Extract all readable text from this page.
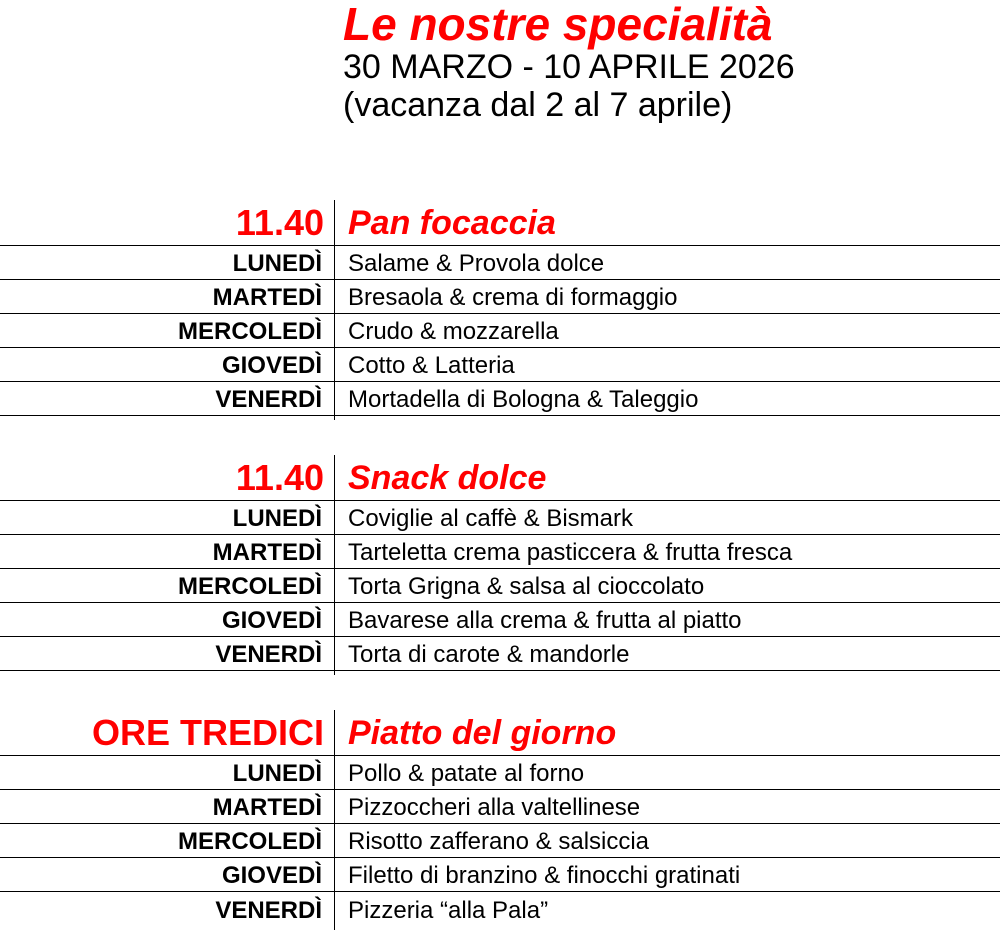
Le nostre specialità

30 MARZO - 10 APRILE 2026

(vacanza dal 2 al 7 aprile)

11.40 Pan focaccia
LUNEDÌ Salame & Provola dolce
MARTEDÌ Bresaola & crema di formaggio
MERCOLEDÌ Crudo & mozzarella
GIOVEDÌ Cotto & Latteria
VENERDÌ Mortadella di Bologna & Taleggio
11.40 Snack dolce
LUNEDÌ Coviglie al caffè & Bismark
MARTEDÌ Tarteletta crema pasticcera & frutta fresca
MERCOLEDÌ Torta Grigna & salsa al cioccolato
GIOVEDÌ Bavarese alla crema & frutta al piatto
VENERDÌ Torta di carote & mandorle
ORE TREDICI Piatto del giorno
LUNEDÌ Pollo & patate al forno
MARTEDÌ Pizzoccheri alla valtellinese
MERCOLEDÌ Risotto zafferano & salsiccia
GIOVEDÌ Filetto di branzino & finocchi gratinati
VENERDÌ Pizzeria “alla Pala”
